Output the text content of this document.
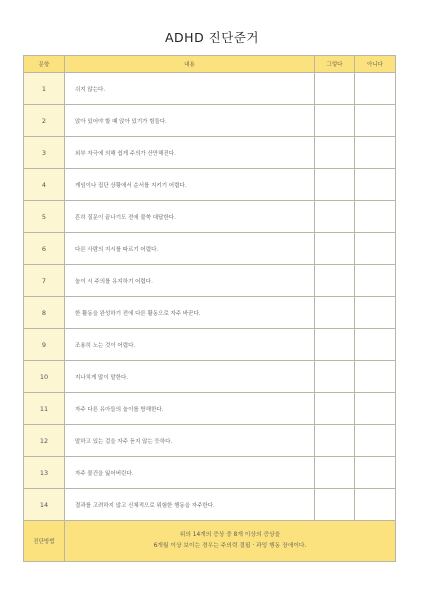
ADHD 진단준거
문항	내용	그렇다	아니다
1	쉬지 않는다.		
2	앉아 있어야 할 때 앉아 있기가 힘들다.		
3	외부 자극에 의해 쉽게 주의가 산만해진다.		
4	게임이나 집단 상황에서 순서를 지키기 어렵다.		
5	흔히 질문이 끝나기도 전에 불쑥 대답한다.		
6	다른 사람의 지시를 따르기 어렵다.		
7	놀이 시 주의를 유지하기 어렵다.		
8	한 활동을 완성하기 전에 다른 활동으로 자주 바꾼다.		
9	조용히 노는 것이 어렵다.		
10	지나치게 많이 말한다.		
11	자주 다른 유아들의 놀이를 방해한다.		
12	말하고 있는 걸을 자주 듣지 않는 듯하다.		
13	자주 물건을 잃어버린다.		
14	결과를 고려하지 않고 신체적으로 위험한 행동을 자주한다.		
진단방법	위의 14개의 증상 중 8개 이상의 증상을
6개월 이상 보이는 경우는 주의력 결핍 · 과잉 행동 장애이다.		
